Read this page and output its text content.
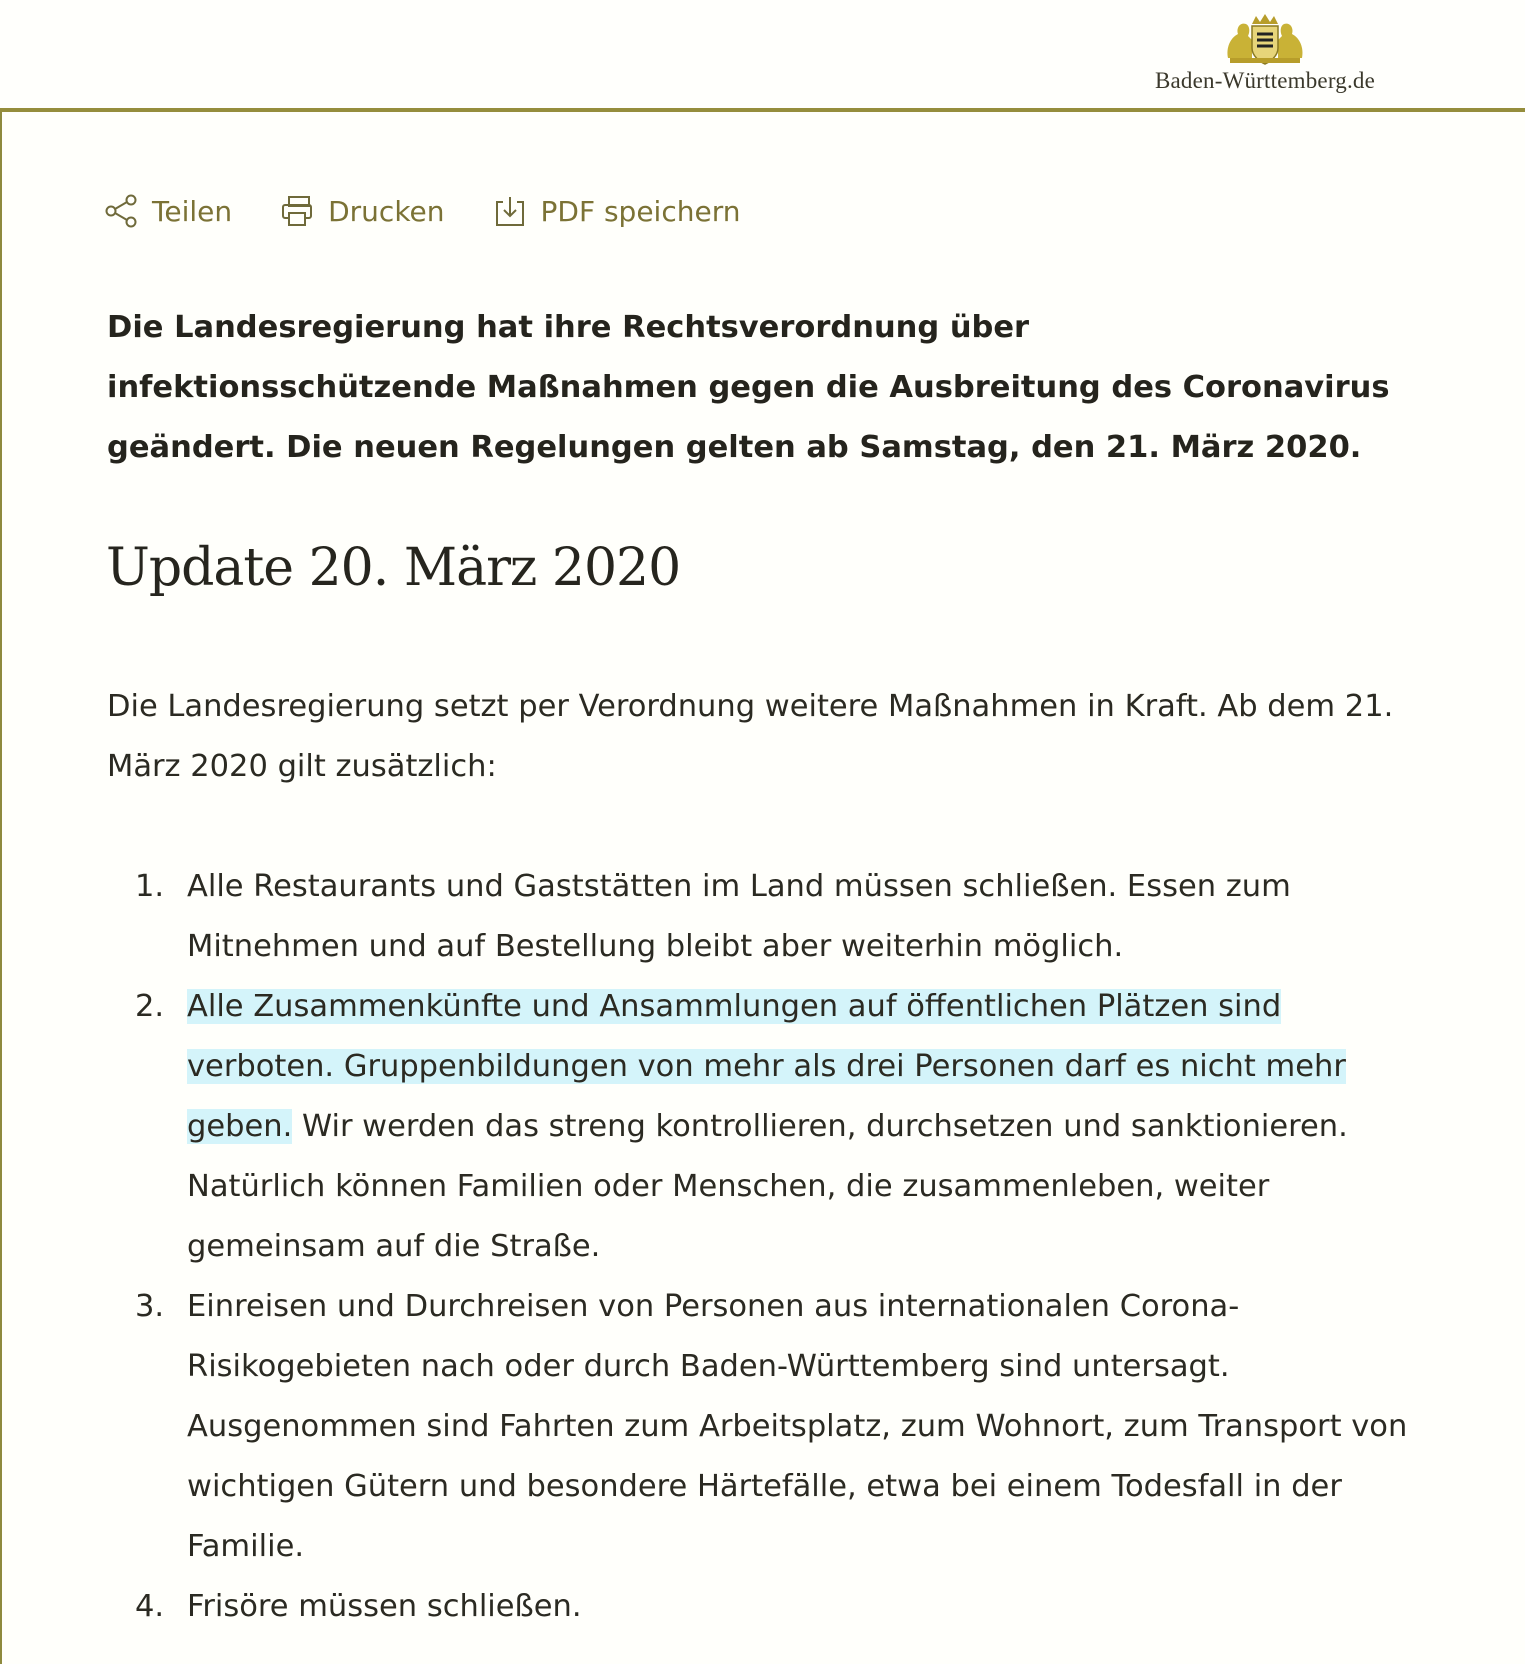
Baden-Württemberg.de
Teilen	Drucken	PDF speichern

Die Landesregierung hat ihre Rechtsverordnung über infektionsschützende Maßnahmen gegen die Ausbreitung des Coronavirus geändert. Die neuen Regelungen gelten ab Samstag, den 21. März 2020.

Update 20. März 2020

Die Landesregierung setzt per Verordnung weitere Maßnahmen in Kraft. Ab dem 21. März 2020 gilt zusätzlich:

1. Alle Restaurants und Gaststätten im Land müssen schließen. Essen zum Mitnehmen und auf Bestellung bleibt aber weiterhin möglich.
2. Alle Zusammenkünfte und Ansammlungen auf öffentlichen Plätzen sind verboten. Gruppenbildungen von mehr als drei Personen darf es nicht mehr geben. Wir werden das streng kontrollieren, durchsetzen und sanktionieren. Natürlich können Familien oder Menschen, die zusammenleben, weiter gemeinsam auf die Straße.
3. Einreisen und Durchreisen von Personen aus internationalen Corona-Risikogebieten nach oder durch Baden-Württemberg sind untersagt. Ausgenommen sind Fahrten zum Arbeitsplatz, zum Wohnort, zum Transport von wichtigen Gütern und besondere Härtefälle, etwa bei einem Todesfall in der Familie.
4. Frisöre müssen schließen.
